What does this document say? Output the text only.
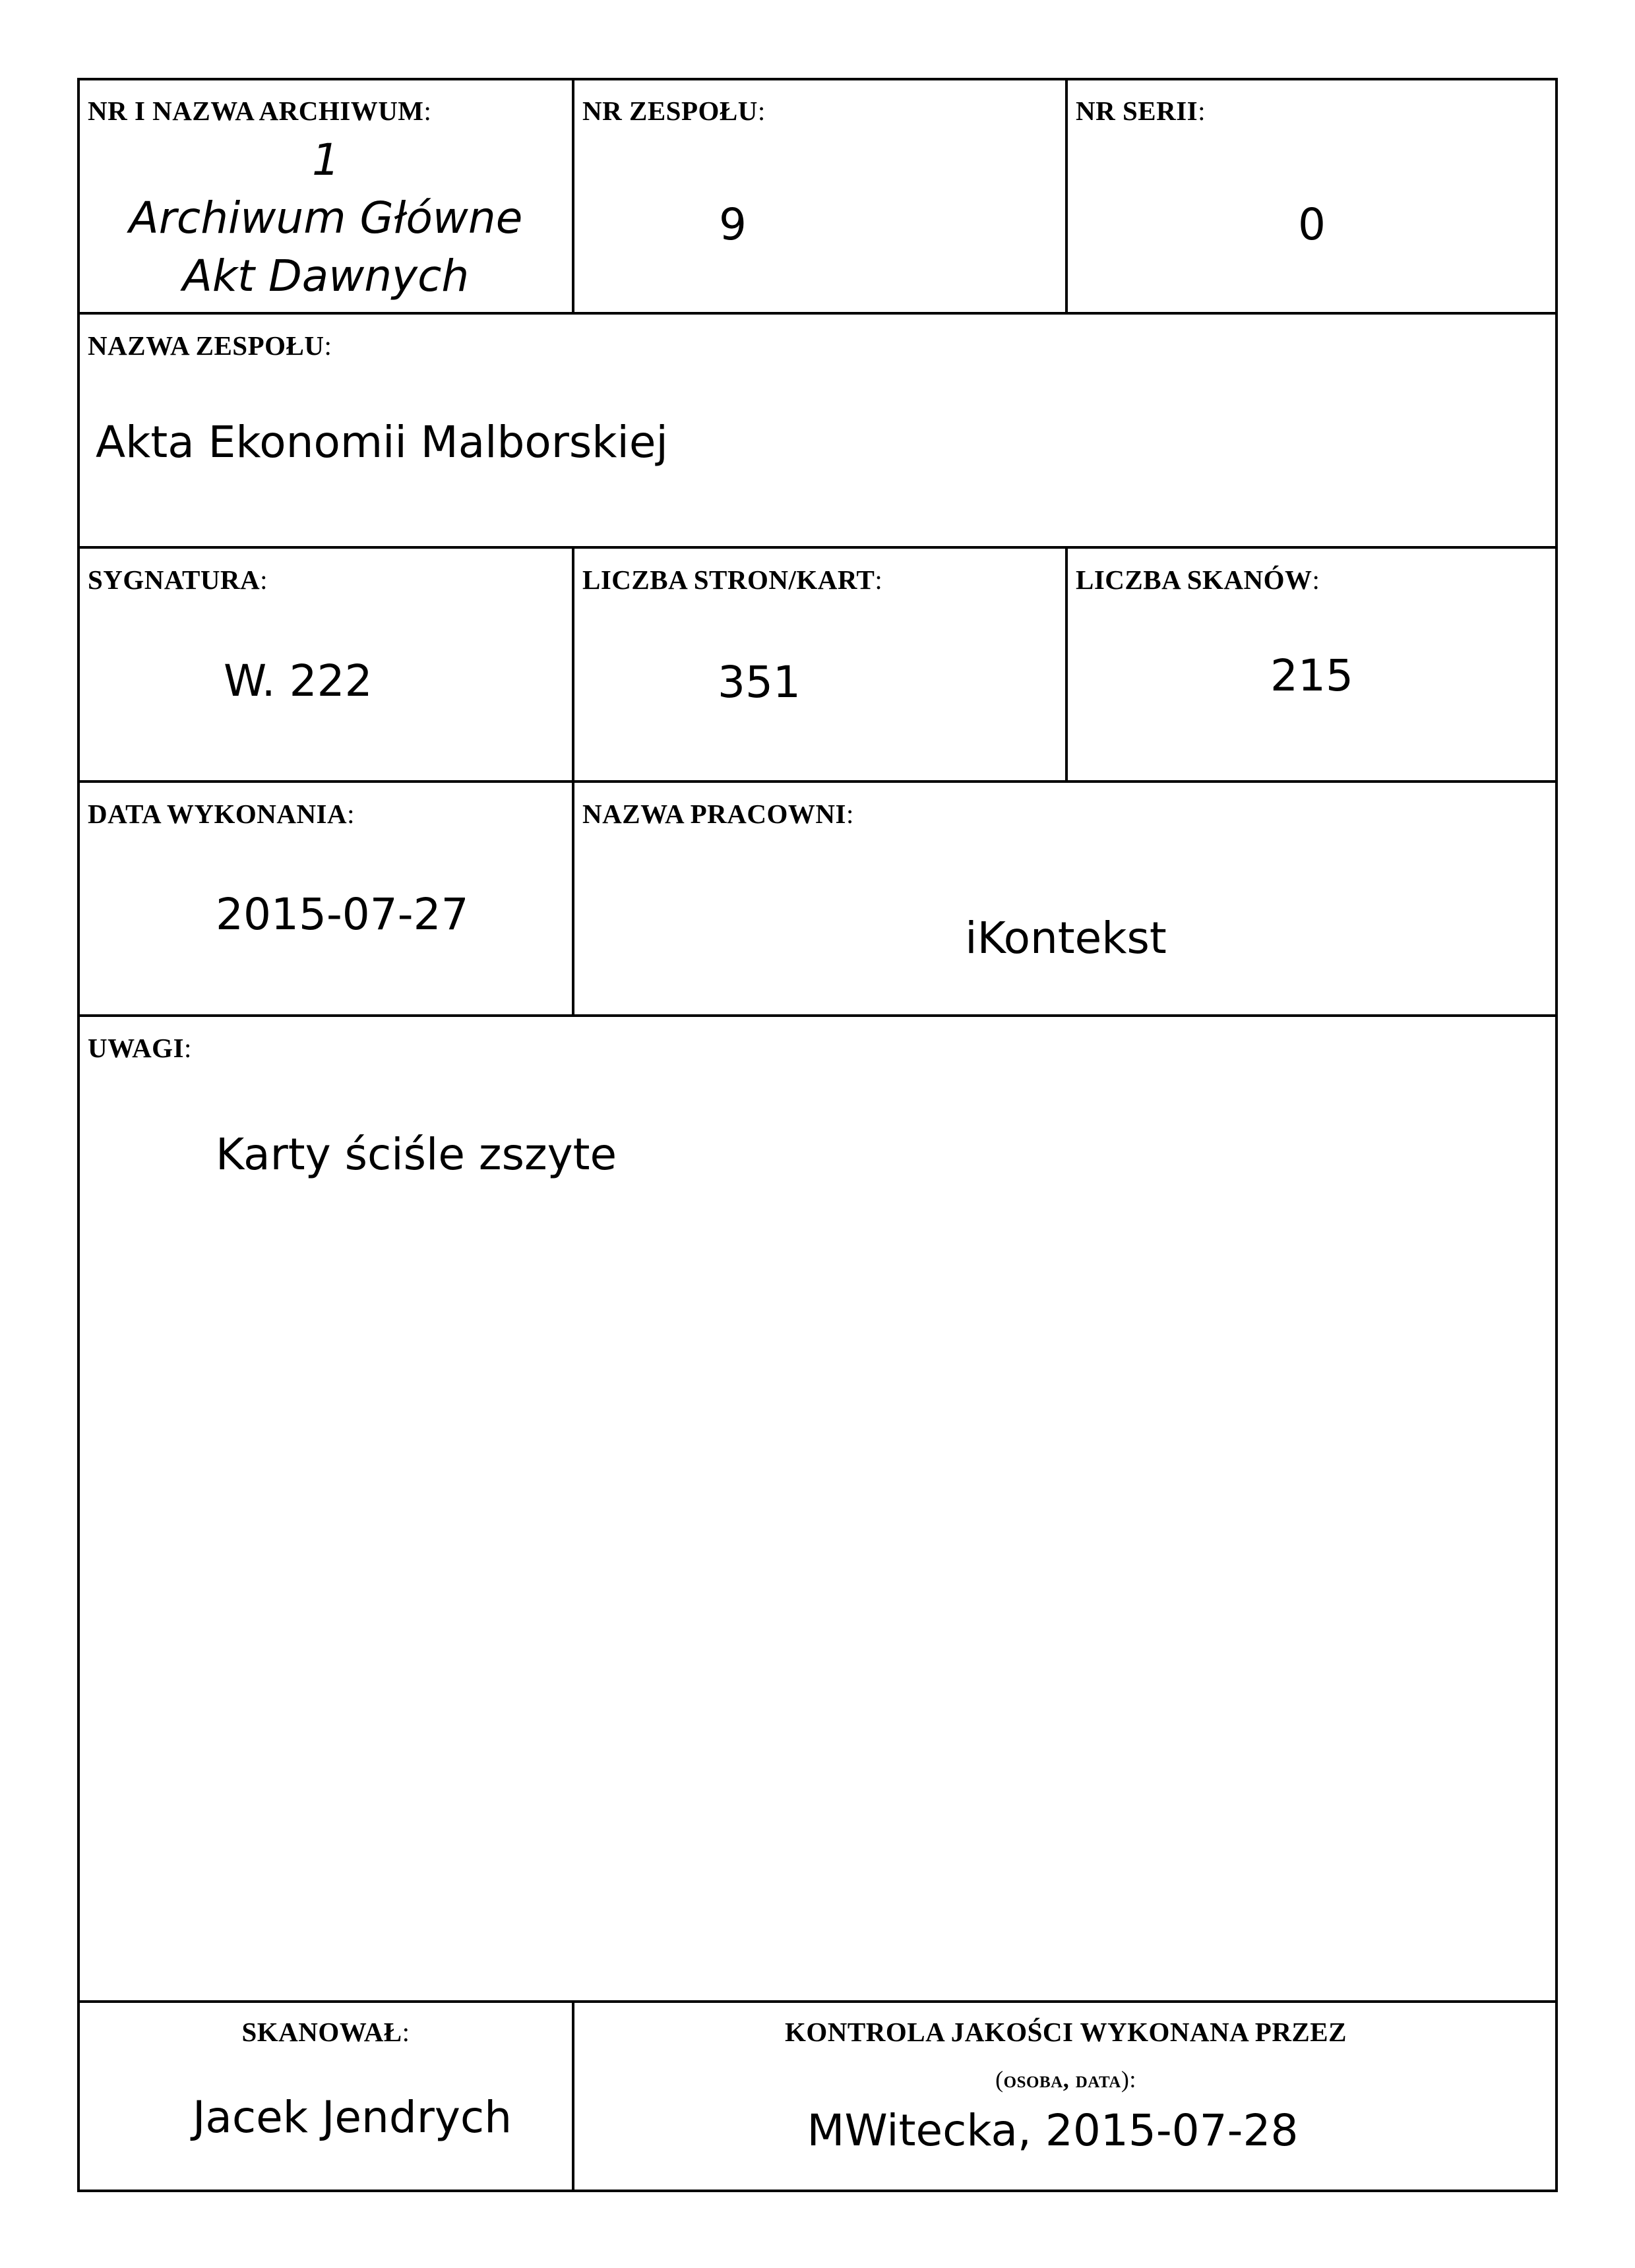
NR I NAZWA ARCHIWUM:
1
Archiwum Główne
Akt Dawnych
NR ZESPOŁU:
9
NR SERII:
0
NAZWA ZESPOŁU:
Akta Ekonomii Malborskiej
SYGNATURA:
W. 222
LICZBA STRON/KART:
351
LICZBA SKANÓW:
215
DATA WYKONANIA:
2015-07-27
NAZWA PRACOWNI:
iKontekst
UWAGI:
Karty ściśle zszyte
SKANOWAŁ:
Jacek Jendrych
KONTROLA JAKOŚCI WYKONANA PRZEZ
(osoba, data):
MWitecka, 2015-07-28
